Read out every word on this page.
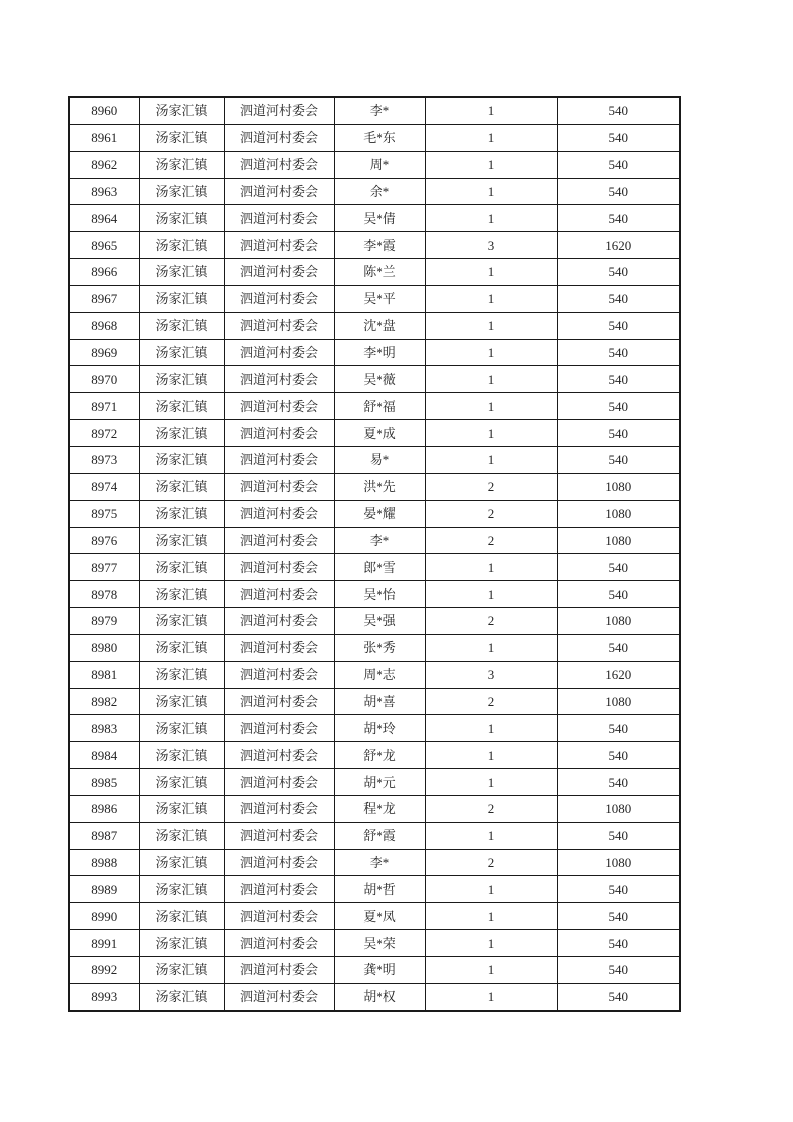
8960	汤家汇镇	泗道河村委会	李*	1	540
8961	汤家汇镇	泗道河村委会	毛*东	1	540
8962	汤家汇镇	泗道河村委会	周*	1	540
8963	汤家汇镇	泗道河村委会	余*	1	540
8964	汤家汇镇	泗道河村委会	吴*倩	1	540
8965	汤家汇镇	泗道河村委会	李*霞	3	1620
8966	汤家汇镇	泗道河村委会	陈*兰	1	540
8967	汤家汇镇	泗道河村委会	吴*平	1	540
8968	汤家汇镇	泗道河村委会	沈*盘	1	540
8969	汤家汇镇	泗道河村委会	李*明	1	540
8970	汤家汇镇	泗道河村委会	吴*薇	1	540
8971	汤家汇镇	泗道河村委会	舒*福	1	540
8972	汤家汇镇	泗道河村委会	夏*成	1	540
8973	汤家汇镇	泗道河村委会	易*	1	540
8974	汤家汇镇	泗道河村委会	洪*先	2	1080
8975	汤家汇镇	泗道河村委会	晏*耀	2	1080
8976	汤家汇镇	泗道河村委会	李*	2	1080
8977	汤家汇镇	泗道河村委会	郎*雪	1	540
8978	汤家汇镇	泗道河村委会	吴*怡	1	540
8979	汤家汇镇	泗道河村委会	吴*强	2	1080
8980	汤家汇镇	泗道河村委会	张*秀	1	540
8981	汤家汇镇	泗道河村委会	周*志	3	1620
8982	汤家汇镇	泗道河村委会	胡*喜	2	1080
8983	汤家汇镇	泗道河村委会	胡*玲	1	540
8984	汤家汇镇	泗道河村委会	舒*龙	1	540
8985	汤家汇镇	泗道河村委会	胡*元	1	540
8986	汤家汇镇	泗道河村委会	程*龙	2	1080
8987	汤家汇镇	泗道河村委会	舒*霞	1	540
8988	汤家汇镇	泗道河村委会	李*	2	1080
8989	汤家汇镇	泗道河村委会	胡*哲	1	540
8990	汤家汇镇	泗道河村委会	夏*凤	1	540
8991	汤家汇镇	泗道河村委会	吴*荣	1	540
8992	汤家汇镇	泗道河村委会	龚*明	1	540
8993	汤家汇镇	泗道河村委会	胡*权	1	540
